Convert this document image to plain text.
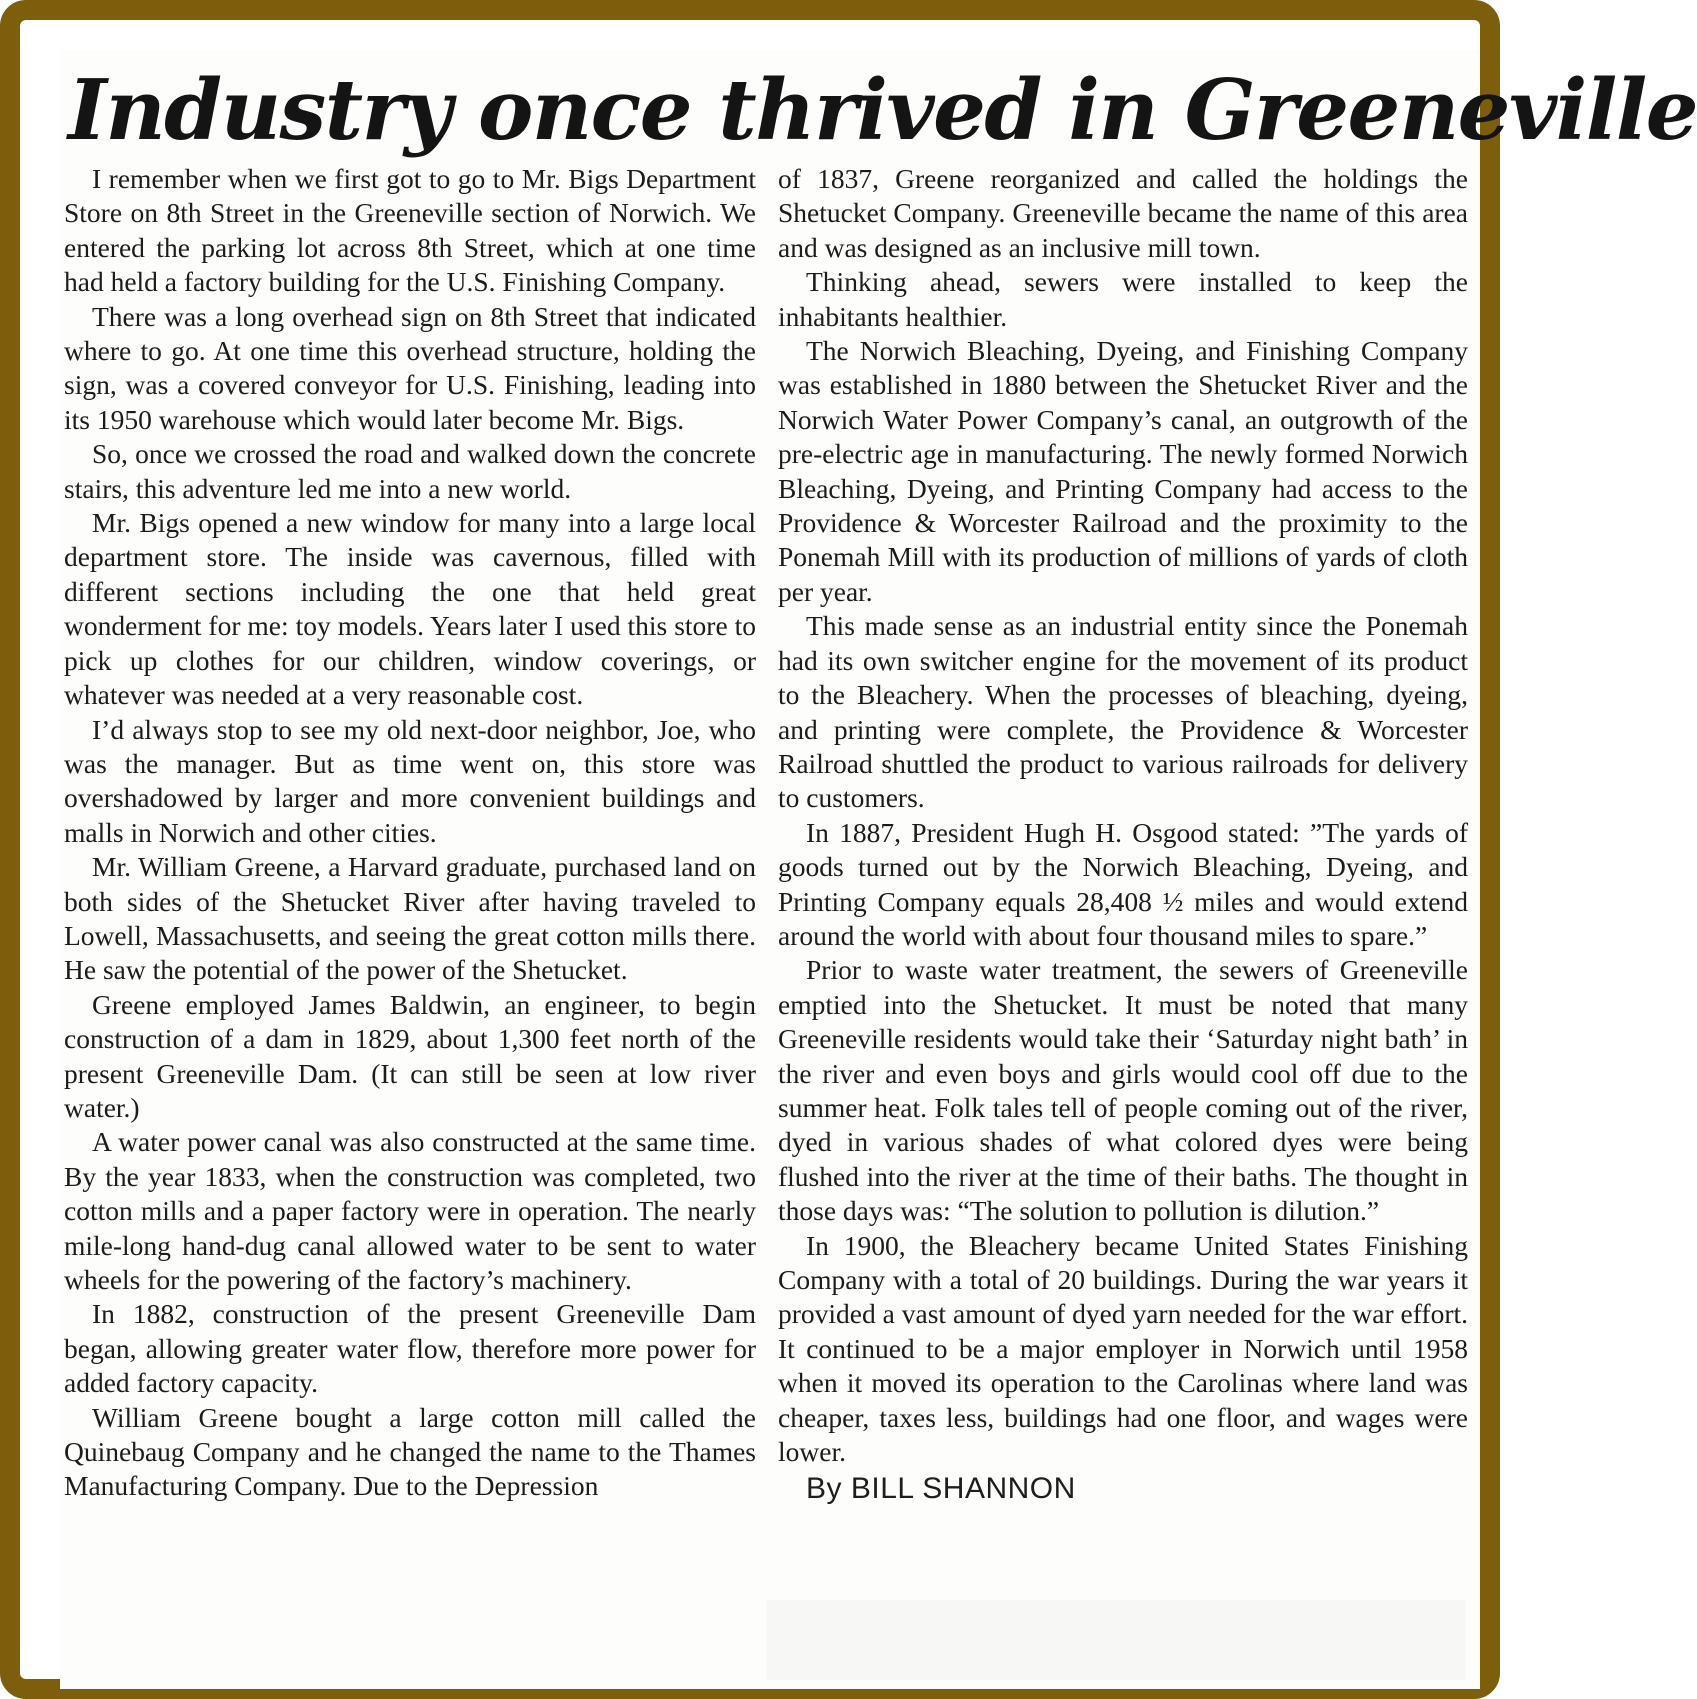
Industry once thrived in Greeneville

I remember when we first got to go to Mr. Bigs Department Store on 8th Street in the Greeneville section of Norwich. We entered the parking lot across 8th Street, which at one time had held a factory building for the U.S. Finishing Company.

There was a long overhead sign on 8th Street that indicated where to go. At one time this overhead structure, holding the sign, was a covered conveyor for U.S. Finishing, leading into its 1950 warehouse which would later become Mr. Bigs.

So, once we crossed the road and walked down the concrete stairs, this adventure led me into a new world.

Mr. Bigs opened a new window for many into a large local department store. The inside was cavernous, filled with different sections including the one that held great wonderment for me: toy models. Years later I used this store to pick up clothes for our children, window coverings, or whatever was needed at a very reasonable cost.

I’d always stop to see my old next-door neighbor, Joe, who was the manager. But as time went on, this store was overshadowed by larger and more convenient buildings and malls in Norwich and other cities.

Mr. William Greene, a Harvard graduate, purchased land on both sides of the Shetucket River after having traveled to Lowell, Massachusetts, and seeing the great cotton mills there. He saw the potential of the power of the Shetucket.

Greene employed James Baldwin, an engineer, to begin construction of a dam in 1829, about 1,300 feet north of the present Greeneville Dam. (It can still be seen at low river water.)

A water power canal was also constructed at the same time. By the year 1833, when the construction was completed, two cotton mills and a paper factory were in operation. The nearly mile-long hand-dug canal allowed water to be sent to water wheels for the powering of the factory’s machinery.

In 1882, construction of the present Greeneville Dam began, allowing greater water flow, therefore more power for added factory capacity.

William Greene bought a large cotton mill called the Quinebaug Company and he changed the name to the Thames Manufacturing Company. Due to the Depression

of 1837, Greene reorganized and called the holdings the Shetucket Company. Greeneville became the name of this area and was designed as an inclusive mill town.

Thinking ahead, sewers were installed to keep the inhabitants healthier.

The Norwich Bleaching, Dyeing, and Finishing Company was established in 1880 between the Shetucket River and the Norwich Water Power Company’s canal, an outgrowth of the pre-electric age in manufacturing. The newly formed Norwich Bleaching, Dyeing, and Printing Company had access to the Providence & Worcester Railroad and the proximity to the Ponemah Mill with its production of millions of yards of cloth per year.

This made sense as an industrial entity since the Ponemah had its own switcher engine for the movement of its product to the Bleachery. When the processes of bleaching, dyeing, and printing were complete, the Providence & Worcester Railroad shuttled the product to various railroads for delivery to customers.

In 1887, President Hugh H. Osgood stated: ”The yards of goods turned out by the Norwich Bleaching, Dyeing, and Printing Company equals 28,408 ½ miles and would extend around the world with about four thousand miles to spare.”

Prior to waste water treatment, the sewers of Greeneville emptied into the Shetucket. It must be noted that many Greeneville residents would take their ‘Saturday night bath’ in the river and even boys and girls would cool off due to the summer heat. Folk tales tell of people coming out of the river, dyed in various shades of what colored dyes were being flushed into the river at the time of their baths. The thought in those days was: “The solution to pollution is dilution.”

In 1900, the Bleachery became United States Finishing Company with a total of 20 buildings. During the war years it provided a vast amount of dyed yarn needed for the war effort. It continued to be a major employer in Norwich until 1958 when it moved its operation to the Carolinas where land was cheaper, taxes less, buildings had one floor, and wages were lower.

By BILL SHANNON
